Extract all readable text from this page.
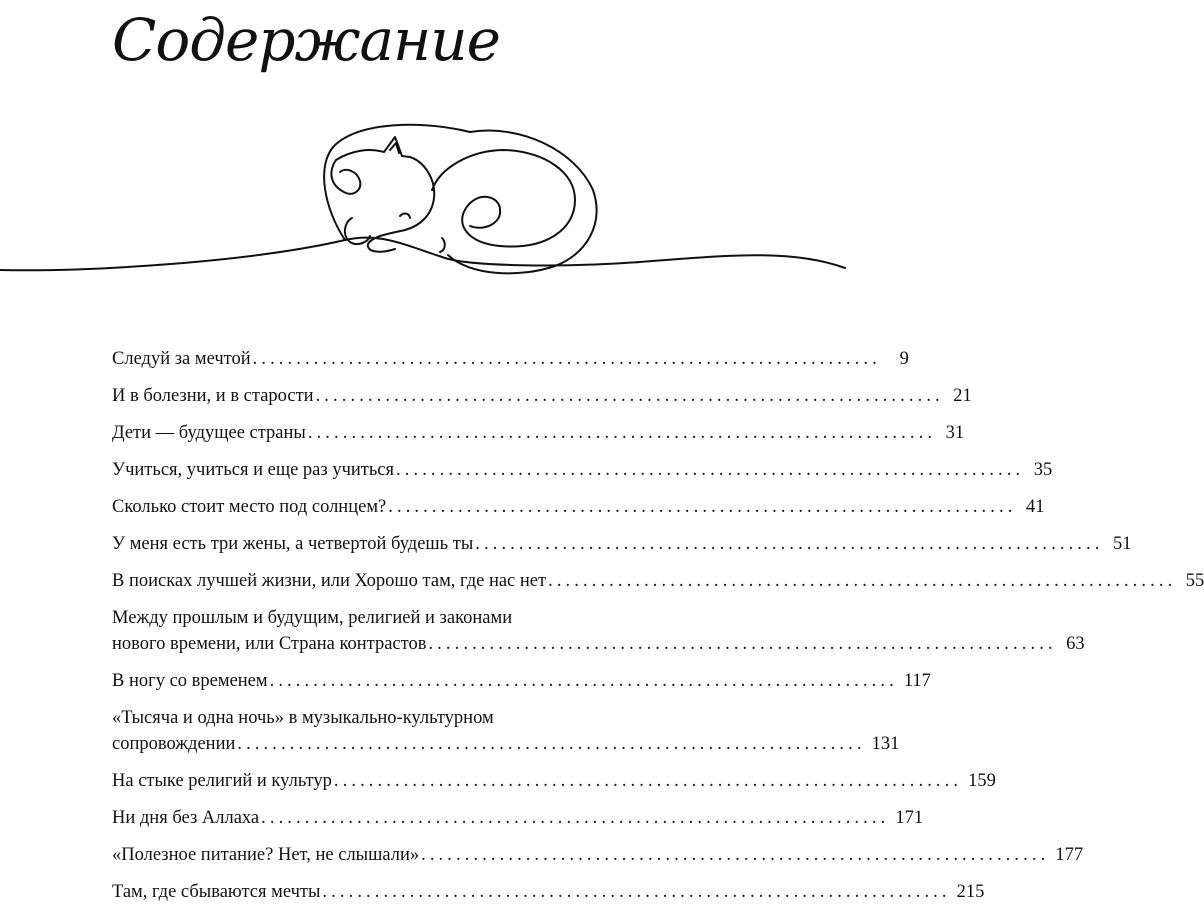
Содержание
Следуй за мечтой ........................................................................	9
И в болезни, и в старости ........................................................................ 21
Дети — будущее страны ........................................................................ 31
Учиться, учиться и еще раз учиться ........................................................................ 35
Сколько стоит место под солнцем? ........................................................................ 41
У меня есть три жены, а четвертой будешь ты ........................................................................ 51
В поисках лучшей жизни, или Хорошо там, где нас нет ........................................................................ 55
Между прошлым и будущим, религией и законами
нового времени, или Страна контрастов ........................................................................ 63
В ногу со временем ........................................................................ 117
«Тысяча и одна ночь» в музыкально-культурном
сопровождении ........................................................................ 131
На стыке религий и культур ........................................................................ 159
Ни дня без Аллаха ........................................................................ 171
«Полезное питание? Нет, не слышали» ........................................................................ 177
Там, где сбываются мечты ........................................................................ 215
